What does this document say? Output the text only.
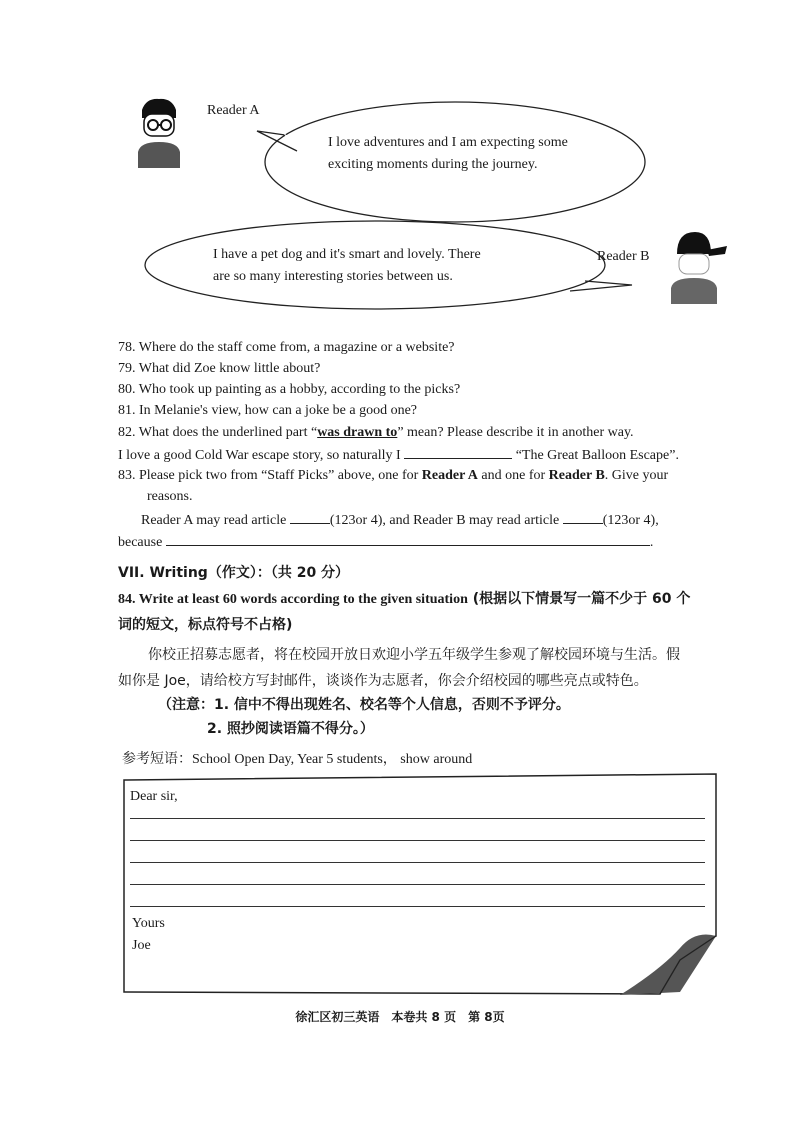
Reader A
I love adventures and I am expecting some
exciting moments during the journey.
I have a pet dog and it's smart and lovely. There
are so many interesting stories between us.
Reader B
78. Where do the staff come from, a magazine or a website?
79. What did Zoe know little about?
80. Who took up painting as a hobby, according to the picks?
81. In Melanie's view, how can a joke be a good one?
82. What does the underlined part “was drawn to” mean? Please describe it in another way.
I love a good Cold War escape story, so naturally I	“The Great Balloon Escape”.
83. Please pick two from “Staff Picks” above, one for Reader A and one for Reader B. Give your
reasons.
Reader A may read article	(123or 4), and Reader B may read article	(123or 4),
because	.
VII. Writing（作文）：（共 20 分）
84. Write at least 60 words according to the given situation (根据以下情景写一篇不少于 60 个
词的短文，标点符号不占格)
你校正招募志愿者，将在校园开放日欢迎小学五年级学生参观了解校园环境与生活。假
如你是 Joe，请给校方写封邮件，谈谈作为志愿者，你会介绍校园的哪些亮点或特色。
（注意：1. 信中不得出现姓名、校名等个人信息，否则不予评分。
2. 照抄阅读语篇不得分。）
参考短语：School Open Day, Year 5 students， show around
Dear sir,
Yours
Joe
徐汇区初三英语　本卷共 8 页　第 8页
